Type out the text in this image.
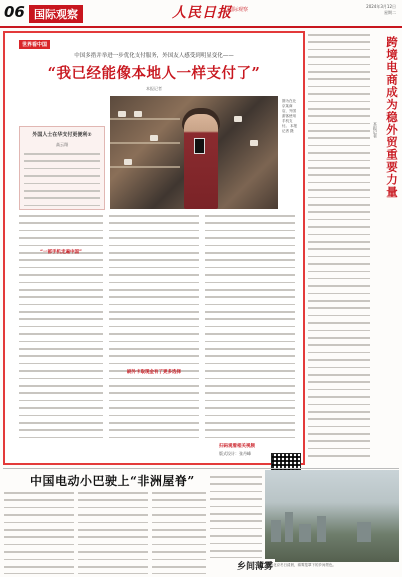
06 国际观察	人民日报
国际观察
2024年3月12日
星期二
世界看中国
中国多措并举进一步优化支付服务，外国友人感受到明显变化——
“我已经能像本地人一样支付了”
本报记者
外国人士在华支付更便利②
高云翔
图为在北京某商店，外国游客使用手机支付。 本报记者 摄
“一部手机走遍中国”
刷外卡取现金有了更多选择
扫码观看相关视频
版式设计：张丹峰
跨境电商成为稳外贸重要力量
本报记者
中国电动小巴驶上“非洲屋脊”
乡间薄雾
图为北京冬日清晨，薄雾笼罩下的乡间景色。
